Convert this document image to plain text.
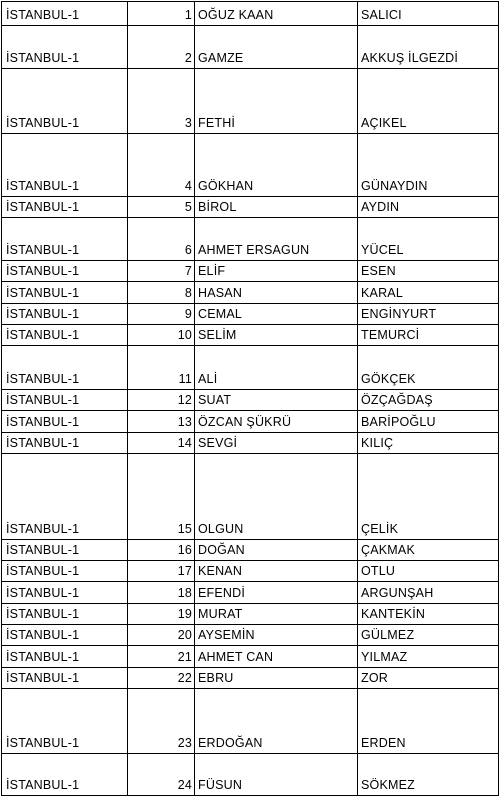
İSTANBUL-1	1 OĞUZ KAAN	SALICI
İSTANBUL-1	2 GAMZE	AKKUŞ İLGEZDİ
İSTANBUL-1	3 FETHİ	AÇIKEL
İSTANBUL-1	4 GÖKHAN	GÜNAYDIN
İSTANBUL-1	5 BİROL	AYDIN
İSTANBUL-1	6 AHMET ERSAGUN	YÜCEL
İSTANBUL-1	7 ELİF	ESEN
İSTANBUL-1	8 HASAN	KARAL
İSTANBUL-1	9 CEMAL	ENGİNYURT
İSTANBUL-1	10 SELİM	TEMURCİ
İSTANBUL-1	11 ALİ	GÖKÇEK
İSTANBUL-1	12 SUAT	ÖZÇAĞDAŞ
İSTANBUL-1	13 ÖZCAN ŞÜKRÜ	BARİPOĞLU
İSTANBUL-1	14 SEVGİ	KILIÇ
İSTANBUL-1	15 OLGUN	ÇELİK
İSTANBUL-1	16 DOĞAN	ÇAKMAK
İSTANBUL-1	17 KENAN	OTLU
İSTANBUL-1	18 EFENDİ	ARGUNŞAH
İSTANBUL-1	19 MURAT	KANTEKİN
İSTANBUL-1	20 AYSEMİN	GÜLMEZ
İSTANBUL-1	21 AHMET CAN	YILMAZ
İSTANBUL-1	22 EBRU	ZOR
İSTANBUL-1	23 ERDOĞAN	ERDEN
İSTANBUL-1	24 FÜSUN	SÖKMEZ
